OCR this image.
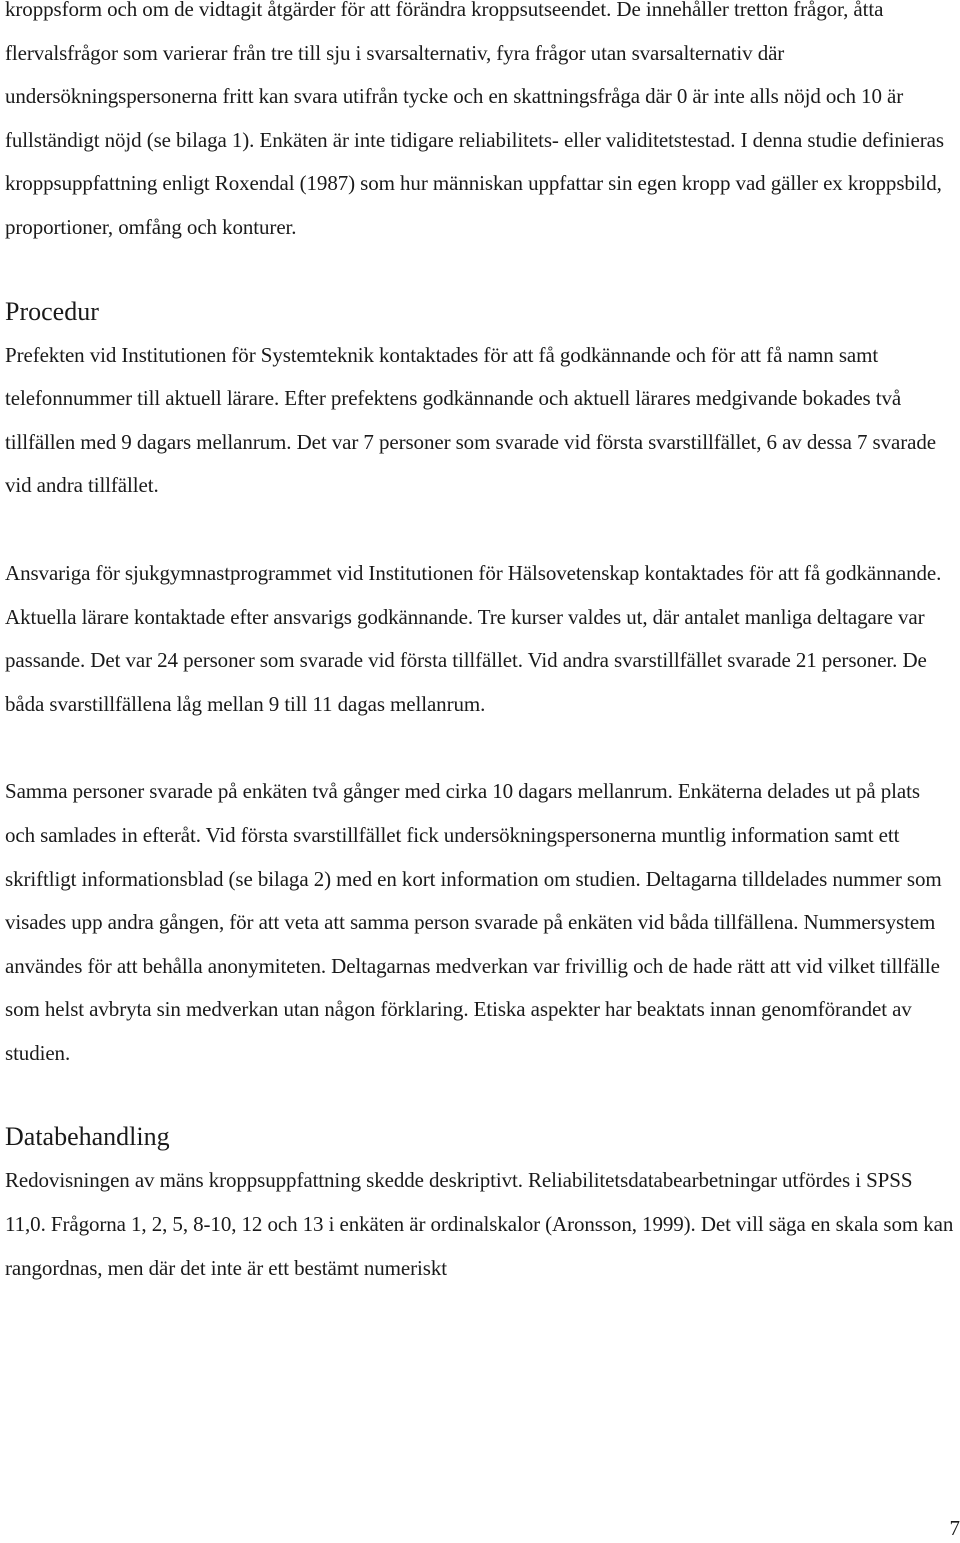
kroppsform och om de vidtagit åtgärder för att förändra kroppsutseendet. De innehåller tretton frågor, åtta flervalsfrågor som varierar från tre till sju i svarsalternativ, fyra frågor utan svarsalternativ där undersökningspersonerna fritt kan svara utifrån tycke och en skattningsfråga där 0 är inte alls nöjd och 10 är fullständigt nöjd (se bilaga 1). Enkäten är inte tidigare reliabilitets- eller validitetstestad. I denna studie definieras kroppsuppfattning enligt Roxendal (1987) som hur människan uppfattar sin egen kropp vad gäller ex kroppsbild, proportioner, omfång och konturer.

Procedur

Prefekten vid Institutionen för Systemteknik kontaktades för att få godkännande och för att få namn samt telefonnummer till aktuell lärare. Efter prefektens godkännande och aktuell lärares medgivande bokades två tillfällen med 9 dagars mellanrum. Det var 7 personer som svarade vid första svarstillfället, 6 av dessa 7 svarade vid andra tillfället.

Ansvariga för sjukgymnastprogrammet vid Institutionen för Hälsovetenskap kontaktades för att få godkännande. Aktuella lärare kontaktade efter ansvarigs godkännande. Tre kurser valdes ut, där antalet manliga deltagare var passande. Det var 24 personer som svarade vid första tillfället. Vid andra svarstillfället svarade 21 personer. De båda svarstillfällena låg mellan 9 till 11 dagas mellanrum.

Samma personer svarade på enkäten två gånger med cirka 10 dagars mellanrum. Enkäterna delades ut på plats och samlades in efteråt. Vid första svarstillfället fick undersökningspersonerna muntlig information samt ett skriftligt informationsblad (se bilaga 2) med en kort information om studien. Deltagarna tilldelades nummer som visades upp andra gången, för att veta att samma person svarade på enkäten vid båda tillfällena. Nummersystem användes för att behålla anonymiteten. Deltagarnas medverkan var frivillig och de hade rätt att vid vilket tillfälle som helst avbryta sin medverkan utan någon förklaring. Etiska aspekter har beaktats innan genomförandet av studien.

Databehandling

Redovisningen av mäns kroppsuppfattning skedde deskriptivt. Reliabilitetsdatabearbetningar utfördes i SPSS 11,0. Frågorna 1, 2, 5, 8-10, 12 och 13 i enkäten är ordinalskalor (Aronsson, 1999). Det vill säga en skala som kan rangordnas, men där det inte är ett bestämt numeriskt

7
